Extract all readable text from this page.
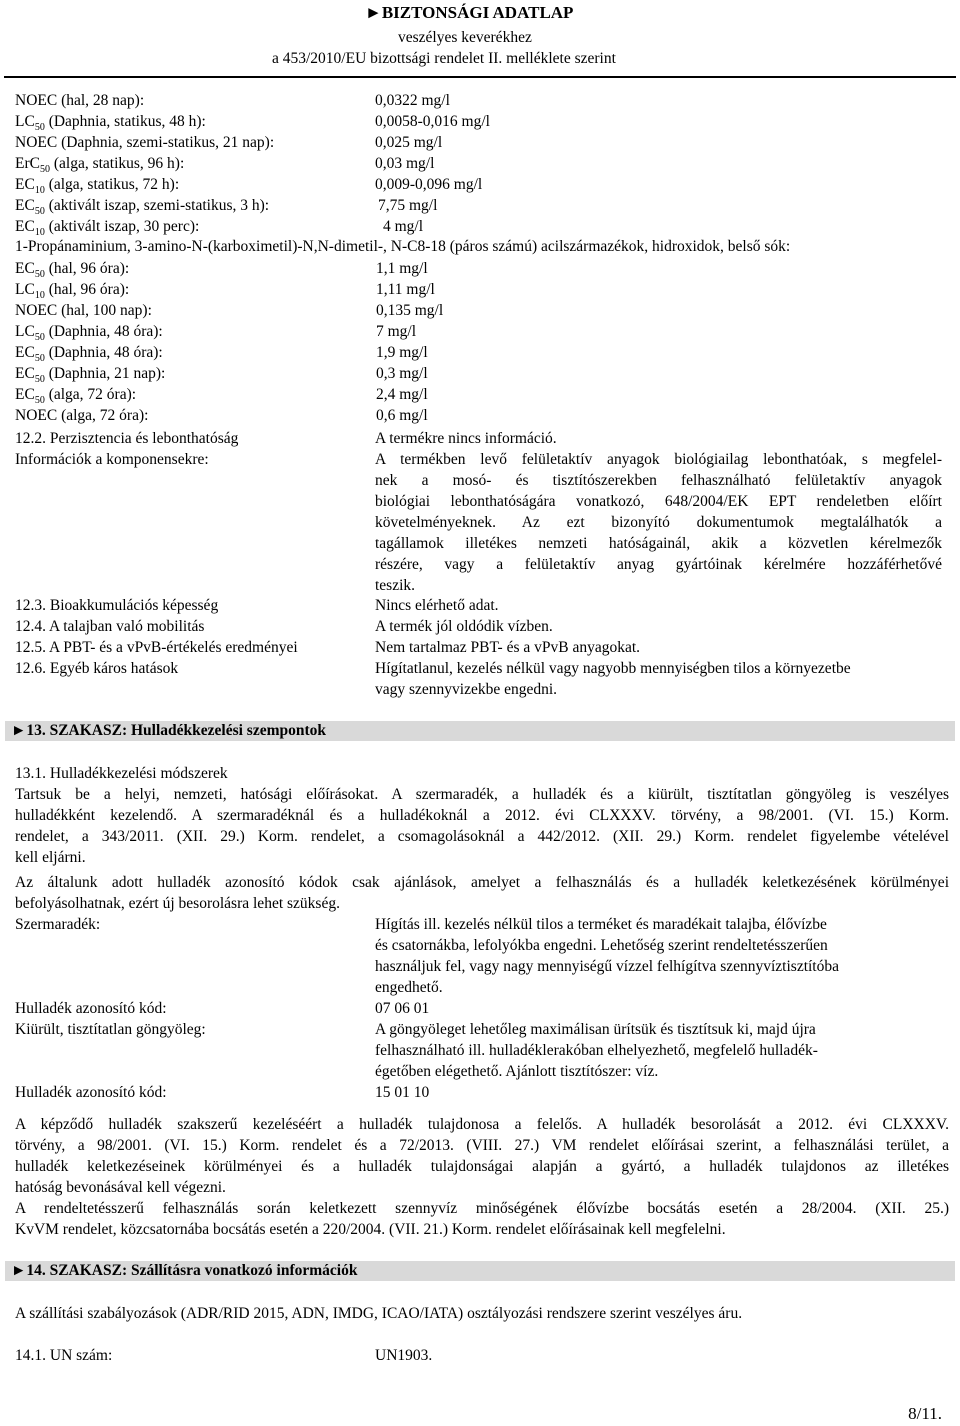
►BIZTONSÁGI ADATLAP
veszélyes keverékhez
a 453/2010/EU bizottsági rendelet II. melléklete szerint
NOEC (hal, 28 nap):	0,0322 mg/l
$LC_{50}$ (Daphnia, statikus, 48 h):	0,0058-0,016 mg/l
NOEC (Daphnia, szemi-statikus, 21 nap):	0,025 mg/l
ErC$_{50}$ (alga, statikus, 96 h):	0,03 mg/l
$EC_{10}$ (alga, statikus, 72 h):	0,009-0,096 mg/l
$EC_{50}$ (aktivált iszap, szemi-statikus, 3 h):	7,75 mg/l
$EC_{10}$ (aktivált iszap, 30 perc):	4 mg/l
1-Propánaminium, 3-amino-N-(karboximetil)-N,N-dimetil-, N-C8-18 (páros számú) acilszármazékok, hidroxidok, belső sók:
$EC_{50}$ (hal, 96 óra):	1,1 mg/l
$LC_{10}$ (hal, 96 óra):	1,11 mg/l
NOEC (hal, 100 nap):	0,135 mg/l
$LC_{50}$ (Daphnia, 48 óra):	7 mg/l
$EC_{50}$ (Daphnia, 48 óra):	1,9 mg/l
$EC_{50}$ (Daphnia, 21 nap):	0,3 mg/l
$EC_{50}$ (alga, 72 óra):	2,4 mg/l
NOEC (alga, 72 óra):	0,6 mg/l
12.2. Perzisztencia és lebonthatóság	A termékre nincs információ.
Információk a komponensekre:	A termékben levő felületaktív anyagok biológiailag lebonthatóak, s megfelel-
nek a mosó- és tisztítószerekben felhasználható felületaktív anyagok
biológiai lebonthatóságára vonatkozó, 648/2004/EK EPT rendeletben előírt
követelményeknek. Az ezt bizonyító dokumentumok megtalálhatók a
tagállamok illetékes nemzeti hatóságainál, akik a közvetlen kérelmezők
részére, vagy a felületaktív anyag gyártóinak kérelmére hozzáférhetővé
teszik.
12.3. Bioakkumulációs képesség	Nincs elérhető adat.
12.4. A talajban való mobilitás	A termék jól oldódik vízben.
12.5. A PBT- és a vPvB-értékelés eredményei	Nem tartalmaz PBT- és a vPvB anyagokat.
12.6. Egyéb káros hatások	Hígítatlanul, kezelés nélkül vagy nagyobb mennyiségben tilos a környezetbe
vagy szennyvizekbe engedni.
►13. SZAKASZ: Hulladékkezelési szempontok
13.1. Hulladékkezelési módszerek
Tartsuk be a helyi, nemzeti, hatósági előírásokat. A szermaradék, a hulladék és a kiürült, tisztítatlan göngyöleg is veszélyes
hulladékként kezelendő. A szermaradéknál és a hulladékoknál a 2012. évi CLXXXV. törvény, a 98/2001. (VI. 15.) Korm.
rendelet, a 343/2011. (XII. 29.) Korm. rendelet, a csomagolásoknál a 442/2012. (XII. 29.) Korm. rendelet figyelembe vételével
kell eljárni.
Az általunk adott hulladék azonosító kódok csak ajánlások, amelyet a felhasználás és a hulladék keletkezésének körülményei
befolyásolhatnak, ezért új besorolásra lehet szükség.
Szermaradék:	Hígítás ill. kezelés nélkül tilos a terméket és maradékait talajba, élővízbe
és csatornákba, lefolyókba engedni. Lehetőség szerint rendeltetésszerűen
használjuk fel, vagy nagy mennyiségű vízzel felhígítva szennyvíztisztítóba
engedhető.
Hulladék azonosító kód:	07 06 01
Kiürült, tisztítatlan göngyöleg:	A göngyöleget lehetőleg maximálisan ürítsük és tisztítsuk ki, majd újra
felhasználható ill. hulladéklerakóban elhelyezhető, megfelelő hulladék-
égetőben elégethető. Ajánlott tisztítószer: víz.
Hulladék azonosító kód:	15 01 10
A képződő hulladék szakszerű kezeléséért a hulladék tulajdonosa a felelős. A hulladék besorolását a 2012. évi CLXXXV.
törvény, a 98/2001. (VI. 15.) Korm. rendelet és a 72/2013. (VIII. 27.) VM rendelet előírásai szerint, a felhasználási terület, a
hulladék keletkezéseinek körülményei és a hulladék tulajdonságai alapján a gyártó, a hulladék tulajdonos az illetékes
hatóság bevonásával kell végezni.
A rendeltetésszerű felhasználás során keletkezett szennyvíz minőségének élővízbe bocsátás esetén a 28/2004. (XII. 25.)
KvVM rendelet, közcsatornába bocsátás esetén a 220/2004. (VII. 21.) Korm. rendelet előírásainak kell megfelelni.
►14. SZAKASZ: Szállításra vonatkozó információk
A szállítási szabályozások (ADR/RID 2015, ADN, IMDG, ICAO/IATA) osztályozási rendszere szerint veszélyes áru.
14.1. UN szám:	UN1903.
8/11.
